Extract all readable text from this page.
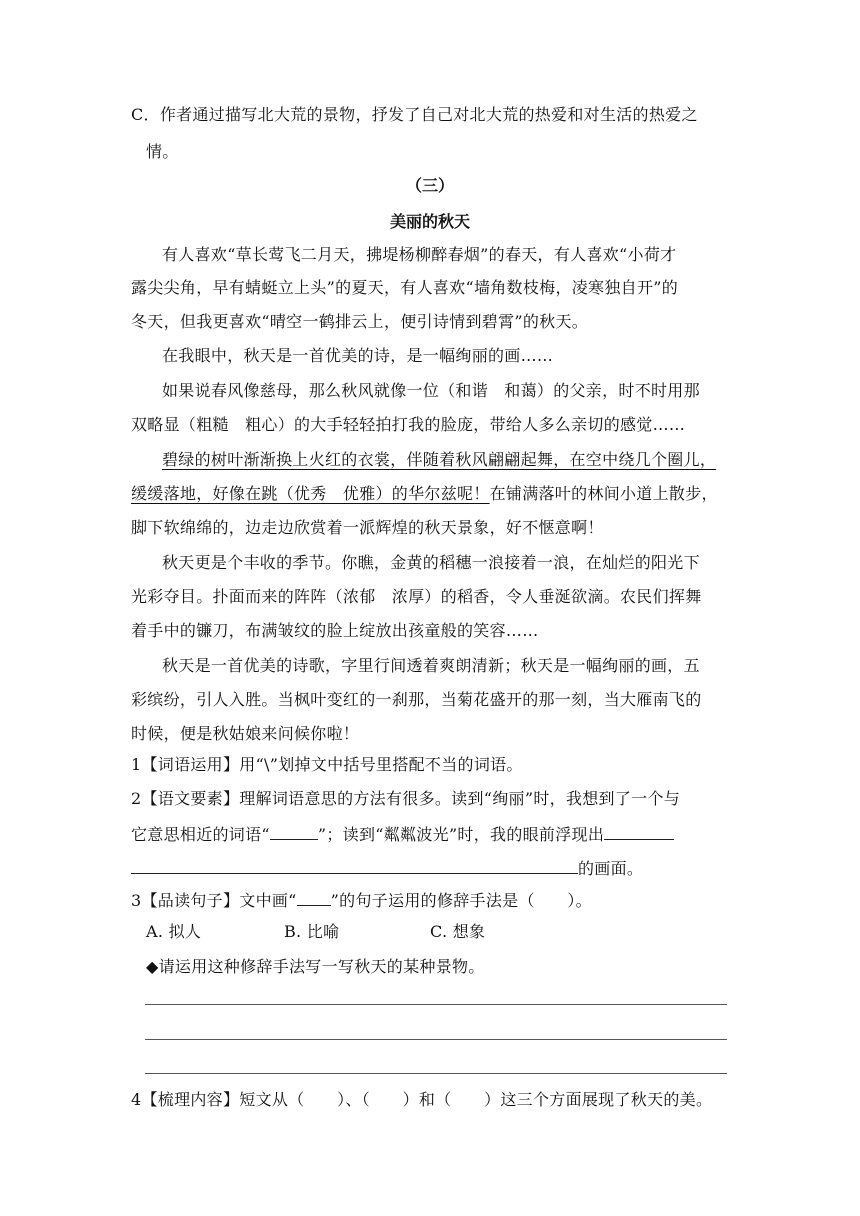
C．作者通过描写北大荒的景物，抒发了自己对北大荒的热爱和对生活的热爱之
情。
（三）
美丽的秋天
有人喜欢“草长莺飞二月天，拂堤杨柳醉春烟”的春天，有人喜欢“小荷才
露尖尖角，早有蜻蜓立上头”的夏天，有人喜欢“墙角数枝梅，凌寒独自开”的
冬天，但我更喜欢“晴空一鹤排云上，便引诗情到碧霄”的秋天。
在我眼中，秋天是一首优美的诗，是一幅绚丽的画……
如果说春风像慈母，那么秋风就像一位（和谐　和蔼）的父亲，时不时用那
双略显（粗糙　粗心）的大手轻轻拍打我的脸庞，带给人多么亲切的感觉……
碧绿的树叶渐渐换上火红的衣裳，伴随着秋风翩翩起舞，在空中绕几个圈儿，
缓缓落地，好像在跳（优秀　优雅）的华尔兹呢！在铺满落叶的林间小道上散步，
脚下软绵绵的，边走边欣赏着一派辉煌的秋天景象，好不惬意啊！
秋天更是个丰收的季节。你瞧，金黄的稻穗一浪接着一浪，在灿烂的阳光下
光彩夺目。扑面而来的阵阵（浓郁　浓厚）的稻香，令人垂涎欲滴。农民们挥舞
着手中的镰刀，布满皱纹的脸上绽放出孩童般的笑容……
秋天是一首优美的诗歌，字里行间透着爽朗清新；秋天是一幅绚丽的画，五
彩缤纷，引人入胜。当枫叶变红的一刹那，当菊花盛开的那一刻，当大雁南飞的
时候，便是秋姑娘来问候你啦！
1【词语运用】用“\”划掉文中括号里搭配不当的词语。
2【语文要素】理解词语意思的方法有很多。读到“绚丽”时，我想到了一个与
它意思相近的词语“	”；读到“粼粼波光”时，我的眼前浮现出
的画面。
3【品读句子】文中画“ ”的句子运用的修辞手法是（　　）。
A. 拟人	B. 比喻	C. 想象
◆请运用这种修辞手法写一写秋天的某种景物。
4【梳理内容】短文从（　　）、（　　）和（　　）这三个方面展现了秋天的美。
